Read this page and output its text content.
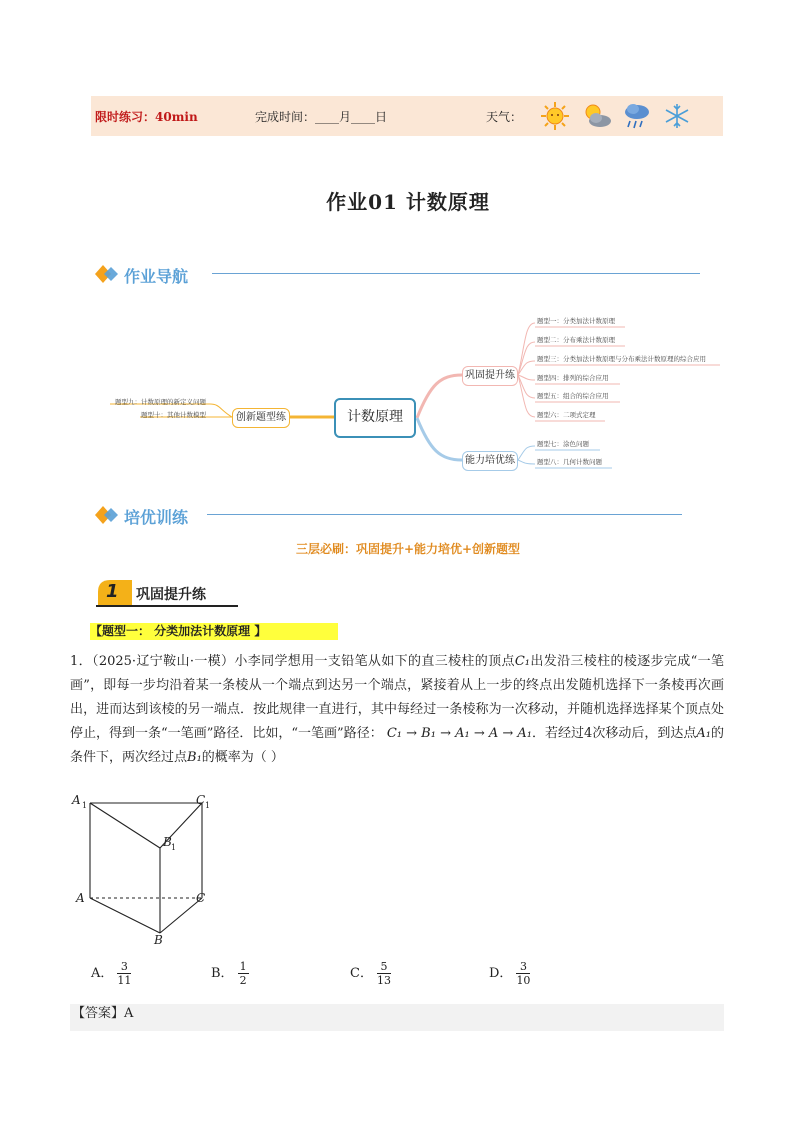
限时练习：40min	完成时间：____月____日	天气：
作业01 计数原理
作业导航
计数原理
巩固提升练
能力培优练
创新题型练
题型一：分类加法计数原理
题型二：分布乘法计数原理
题型三：分类加法计数原理与分布乘法计数原理的综合应用
题型四：排列的综合应用
题型五：组合的综合应用
题型六：二项式定理
题型七：涂色问题
题型八：几何计数问题
题型九：计数原理的新定义问题
题型十：其他计数模型
培优训练
三层必刷：巩固提升+能力培优+创新题型
1 巩固提升练
【题型一： 分类加法计数原理 】
1．（2025·辽宁鞍山·一模）小李同学想用一支铅笔从如下的直三棱柱的顶点C₁出发沿三棱柱的棱逐步完成“一笔画”，即每一步均沿着某一条棱从一个端点到达另一个端点，紧接着从上一步的终点出发随机选择下一条棱再次画出，进而达到该棱的另一端点．按此规律一直进行，其中每经过一条棱称为一次移动，并随机选择选择某个顶点处停止，得到一条“一笔画”路径．比如，“一笔画”路径： C₁ → B₁ → A₁ → A → A₁．若经过4次移动后，到达点A₁的条件下，两次经过点B₁的概率为（ ）
A 1	C 1
B 1
A	C
B
A． $\frac{3}{11}$	B． $\frac{1}{2}$	C． $\frac{5}{13}$	D． $\frac{3}{10}$
【答案】A
